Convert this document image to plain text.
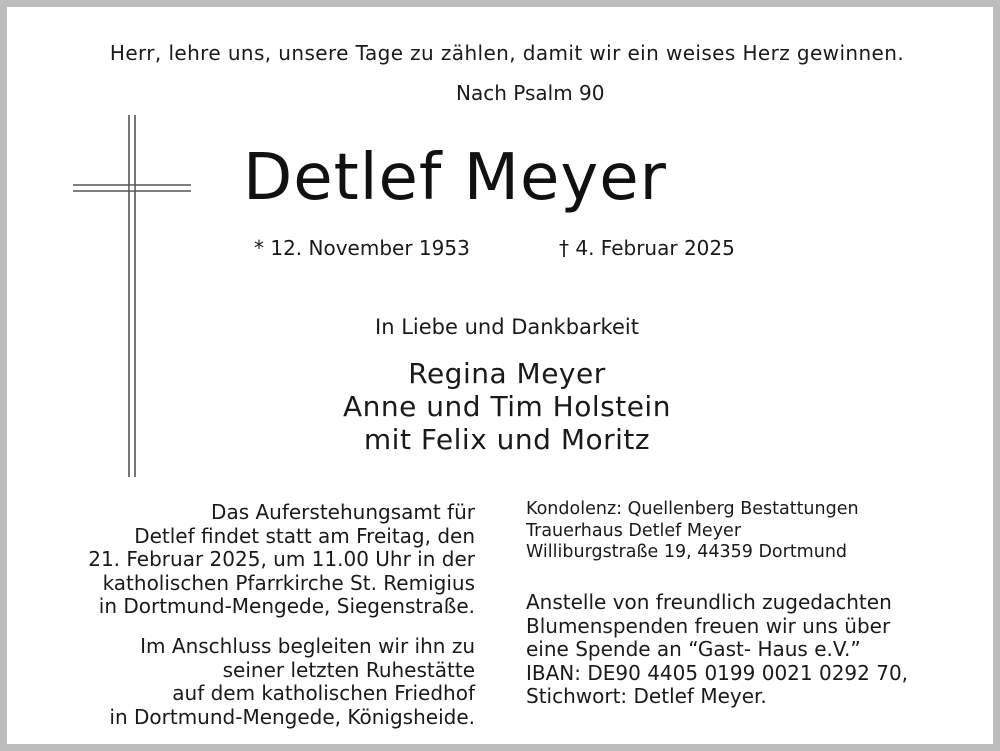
Herr, lehre uns, unsere Tage zu zählen, damit wir ein weises Herz gewinnen.
Nach Psalm 90
Detlef Meyer
* 12. November 1953	† 4. Februar 2025
In Liebe und Dankbarkeit
Regina Meyer
Anne und Tim Holstein
mit Felix und Moritz
Das Auferstehungsamt für
Detlef findet statt am Freitag, den
21. Februar 2025, um 11.00 Uhr in der
katholischen Pfarrkirche St. Remigius
in Dortmund-Mengede, Siegenstraße.
Im Anschluss begleiten wir ihn zu
seiner letzten Ruhestätte
auf dem katholischen Friedhof
in Dortmund-Mengede, Königsheide.
Kondolenz: Quellenberg Bestattungen
Trauerhaus Detlef Meyer
Williburgstraße 19, 44359 Dortmund
Anstelle von freundlich zugedachten
Blumenspenden freuen wir uns über
eine Spende an “Gast- Haus e.V.”
IBAN: DE90 4405 0199 0021 0292 70,
Stichwort: Detlef Meyer.
